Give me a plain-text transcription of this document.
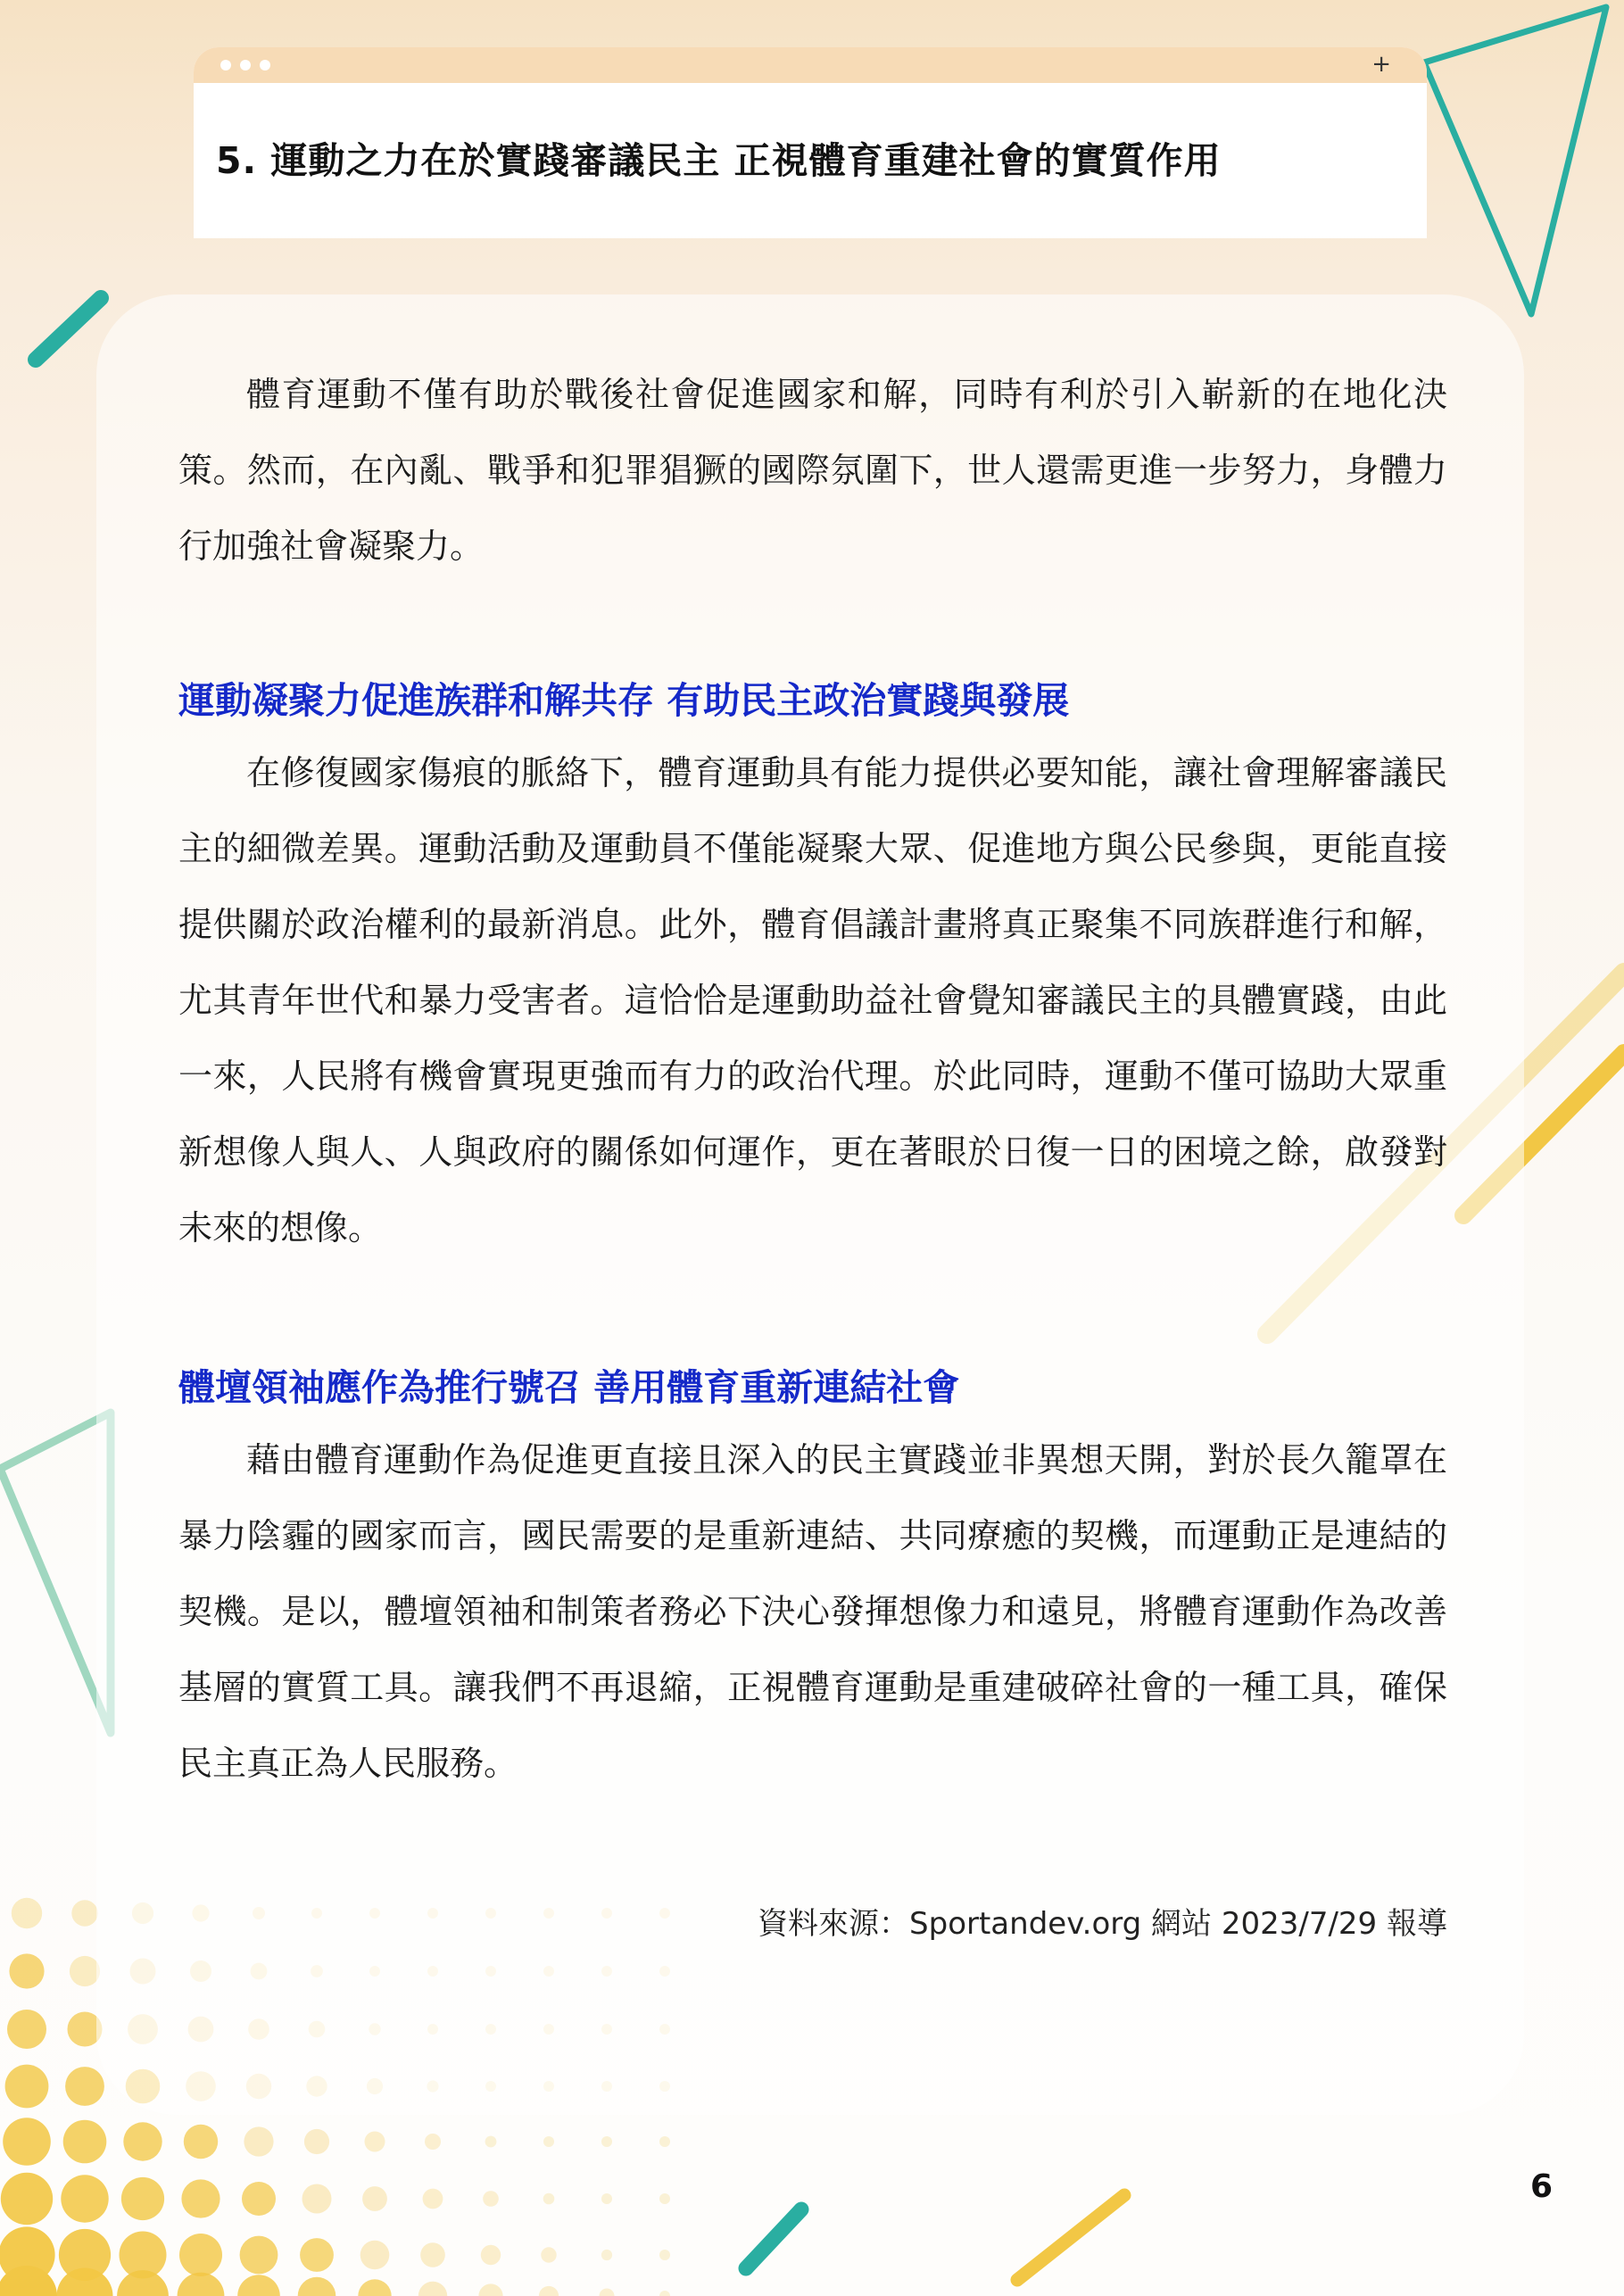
+
5. 運動之力在於實踐審議民主 正視體育重建社會的實質作用

體育運動不僅有助於戰後社會促進國家和解，同時有利於引入嶄新的在地化決策。然而，在內亂、戰爭和犯罪猖獗的國際氛圍下，世人還需更進一步努力，身體力行加強社會凝聚力。

運動凝聚力促進族群和解共存 有助民主政治實踐與發展

在修復國家傷痕的脈絡下，體育運動具有能力提供必要知能，讓社會理解審議民主的細微差異。運動活動及運動員不僅能凝聚大眾、促進地方與公民參與，更能直接提供關於政治權利的最新消息。此外，體育倡議計畫將真正聚集不同族群進行和解，尤其青年世代和暴力受害者。這恰恰是運動助益社會覺知審議民主的具體實踐，由此一來，人民將有機會實現更強而有力的政治代理。於此同時，運動不僅可協助大眾重新想像人與人、人與政府的關係如何運作，更在著眼於日復一日的困境之餘，啟發對未來的想像。

體壇領袖應作為推行號召 善用體育重新連結社會

藉由體育運動作為促進更直接且深入的民主實踐並非異想天開，對於長久籠罩在暴力陰霾的國家而言，國民需要的是重新連結、共同療癒的契機，而運動正是連結的契機。是以，體壇領袖和制策者務必下決心發揮想像力和遠見，將體育運動作為改善基層的實質工具。讓我們不再退縮，正視體育運動是重建破碎社會的一種工具，確保民主真正為人民服務。

資料來源：Sportandev.org 網站 2023/7/29 報導

6
